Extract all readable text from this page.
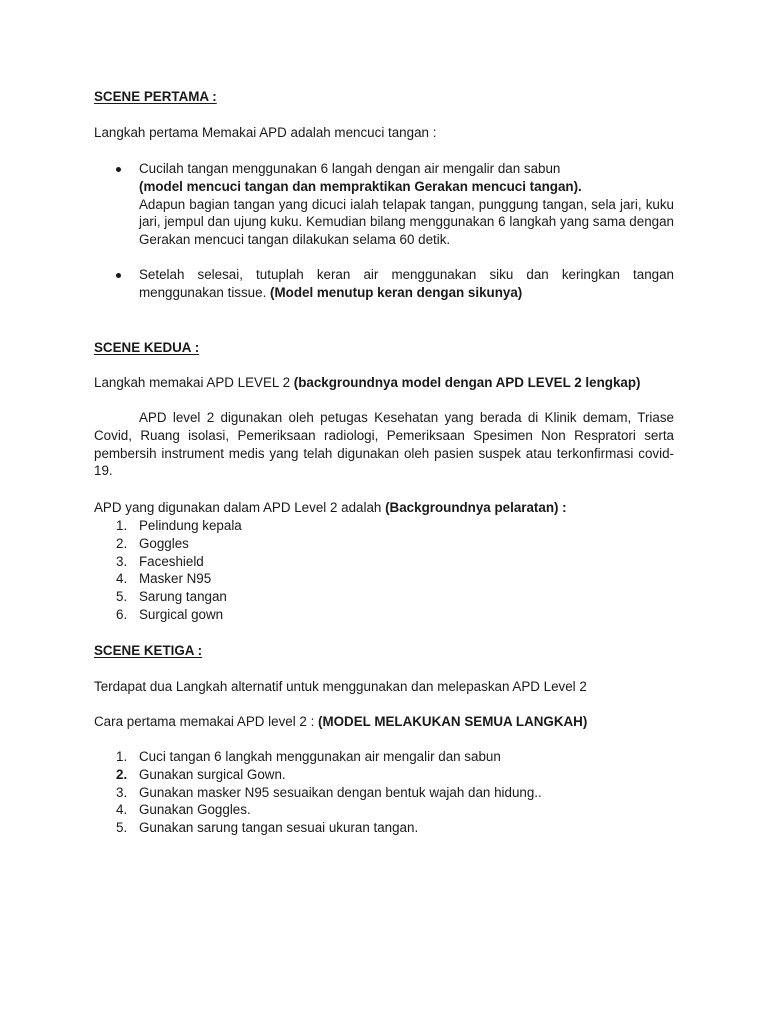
SCENE PERTAMA :
Langkah pertama Memakai APD adalah mencuci tangan :
Cucilah tangan menggunakan 6 langah dengan air mengalir dan sabun
(model mencuci tangan dan mempraktikan Gerakan mencuci tangan).
Adapun bagian tangan yang dicuci ialah telapak tangan, punggung tangan, sela jari, kuku jari, jempul dan ujung kuku. Kemudian bilang menggunakan 6 langkah yang sama dengan Gerakan mencuci tangan dilakukan selama 60 detik.
Setelah selesai, tutuplah keran air menggunakan siku dan keringkan tangan menggunakan tissue. (Model menutup keran dengan sikunya)
SCENE KEDUA :
Langkah memakai APD LEVEL 2 (backgroundnya model dengan APD LEVEL 2 lengkap)
APD level 2 digunakan oleh petugas Kesehatan yang berada di Klinik demam, Triase Covid, Ruang isolasi, Pemeriksaan radiologi, Pemeriksaan Spesimen Non Respratori serta pembersih instrument medis yang telah digunakan oleh pasien suspek atau terkonfirmasi covid-19.
APD yang digunakan dalam APD Level 2 adalah (Backgroundnya pelaratan) :
1. Pelindung kepala
2. Goggles
3. Faceshield
4. Masker N95
5. Sarung tangan
6. Surgical gown
SCENE KETIGA :
Terdapat dua Langkah alternatif untuk menggunakan dan melepaskan APD Level 2
Cara pertama memakai APD level 2 : (MODEL MELAKUKAN SEMUA LANGKAH)
1. Cuci tangan 6 langkah menggunakan air mengalir dan sabun
2. Gunakan surgical Gown.
3. Gunakan masker N95 sesuaikan dengan bentuk wajah dan hidung..
4. Gunakan Goggles.
5. Gunakan sarung tangan sesuai ukuran tangan.
